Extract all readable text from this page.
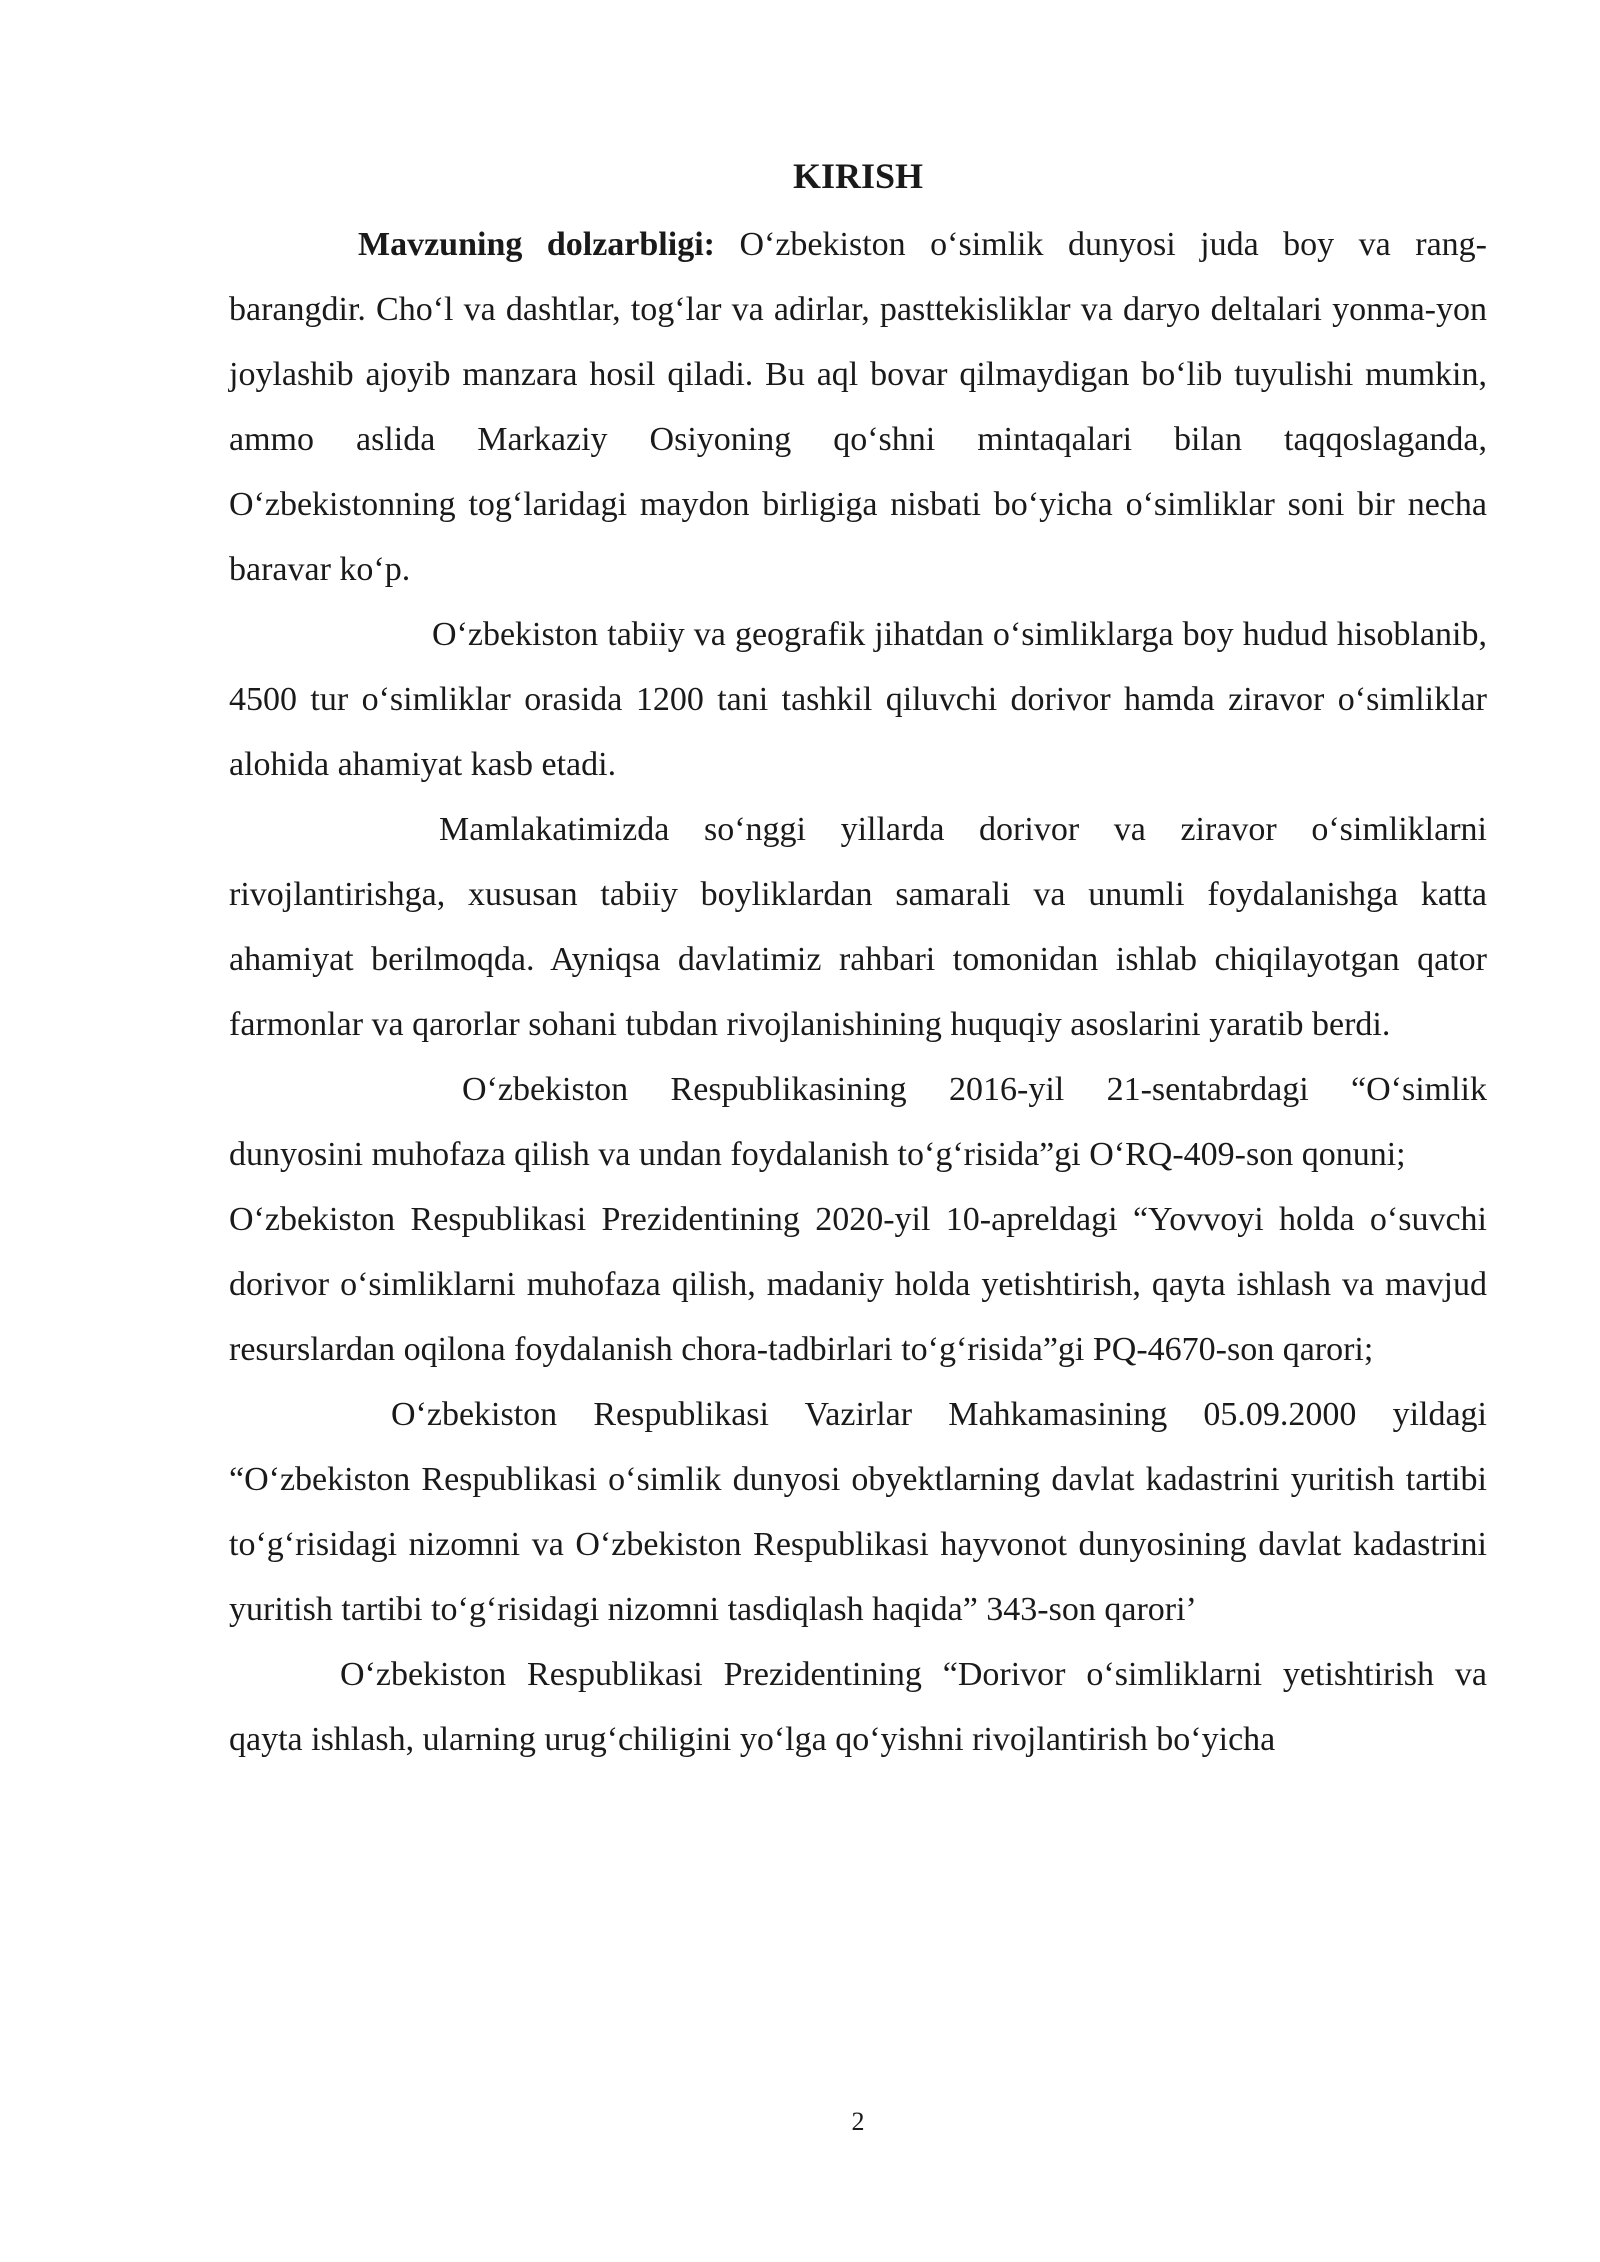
KIRISH

Mavzuning dolzarbligi: O‘zbekiston o‘simlik dunyosi juda boy va rang-barangdir. Cho‘l va dashtlar, tog‘lar va adirlar, pasttekisliklar va daryo deltalari yonma-yon joylashib ajoyib manzara hosil qiladi. Bu aql bovar qilmaydigan bo‘lib tuyulishi mumkin, ammo aslida Markaziy Osiyoning qo‘shni mintaqalari bilan taqqoslaganda, O‘zbekistonning tog‘laridagi maydon birligiga nisbati bo‘yicha o‘simliklar soni bir necha baravar ko‘p.

O‘zbekiston tabiiy va geografik jihatdan o‘simliklarga boy hudud hisoblanib, 4500 tur o‘simliklar orasida 1200 tani tashkil qiluvchi dorivor hamda ziravor o‘simliklar alohida ahamiyat kasb etadi.

Mamlakatimizda so‘nggi yillarda dorivor va ziravor o‘simliklarni rivojlantirishga, xususan tabiiy boyliklardan samarali va unumli foydalanishga katta ahamiyat berilmoqda. Ayniqsa davlatimiz rahbari tomonidan ishlab chiqilayotgan qator farmonlar va qarorlar sohani tubdan rivojlanishining huquqiy asoslarini yaratib berdi.

O‘zbekiston Respublikasining 2016-yil 21-sentabrdagi “O‘simlik dunyosini muhofaza qilish va undan foydalanish to‘g‘risida”gi O‘RQ-409-son qonuni;

O‘zbekiston Respublikasi Prezidentining 2020-yil 10-apreldagi “Yovvoyi holda o‘suvchi dorivor o‘simliklarni muhofaza qilish, madaniy holda yetishtirish, qayta ishlash va mavjud resurslardan oqilona foydalanish chora-tadbirlari to‘g‘risida”gi PQ-4670-son qarori;

O‘zbekiston Respublikasi Vazirlar Mahkamasining 05.09.2000 yildagi “O‘zbekiston Respublikasi o‘simlik dunyosi obyektlarning davlat kadastrini yuritish tartibi to‘g‘risidagi nizomni va O‘zbekiston Respublikasi hayvonot dunyosining davlat kadastrini yuritish tartibi to‘g‘risidagi nizomni tasdiqlash haqida” 343-son qarori’

O‘zbekiston Respublikasi Prezidentining “Dorivor o‘simliklarni yetishtirish va qayta ishlash, ularning urug‘chiligini yo‘lga qo‘yishni rivojlantirish bo‘yicha

2
